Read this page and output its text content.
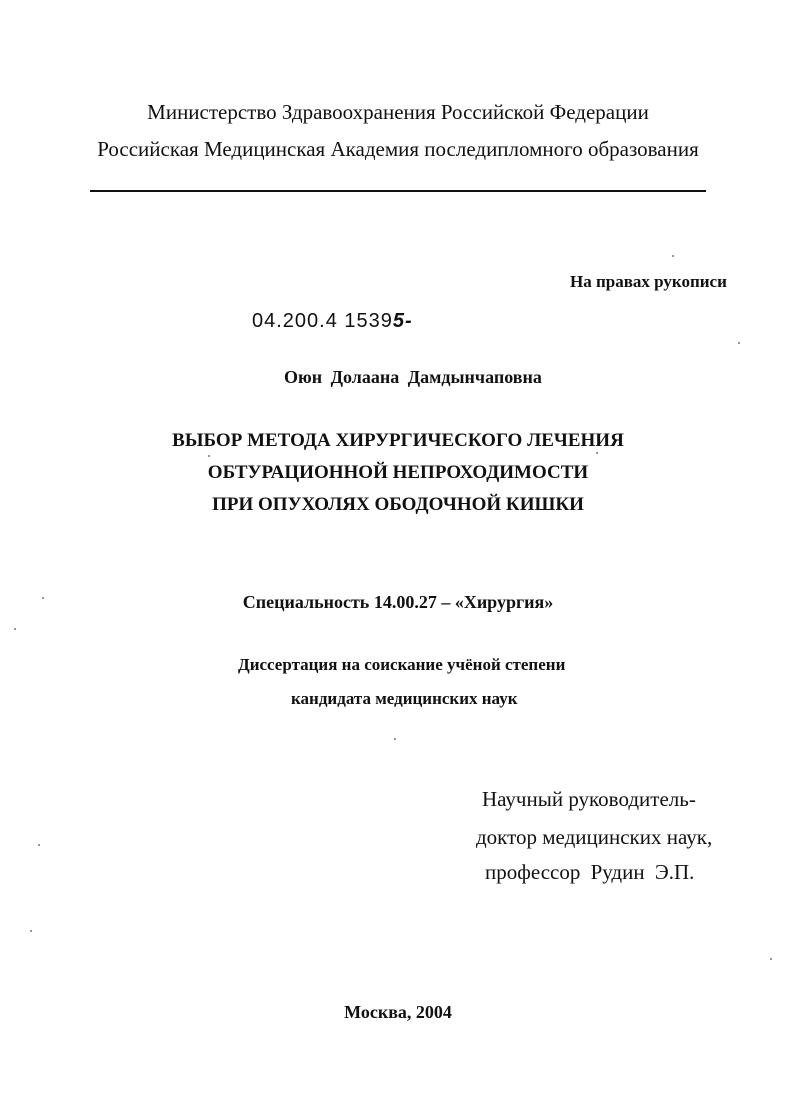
Министерство Здравоохранения Российской Федерации
Российская Медицинская Академия последипломного образования
На правах рукописи
04.200.4 15395-
Оюн Долаана Дамдынчаповна
ВЫБОР МЕТОДА ХИРУРГИЧЕСКОГО ЛЕЧЕНИЯ
ОБТУРАЦИОННОЙ НЕПРОХОДИМОСТИ
ПРИ ОПУХОЛЯХ ОБОДОЧНОЙ КИШКИ
Специальность 14.00.27 – «Хирургия»
Диссертация на соискание учёной степени
кандидата медицинских наук
Научный руководитель-
доктор медицинских наук,
профессор Рудин Э.П.
Москва, 2004
